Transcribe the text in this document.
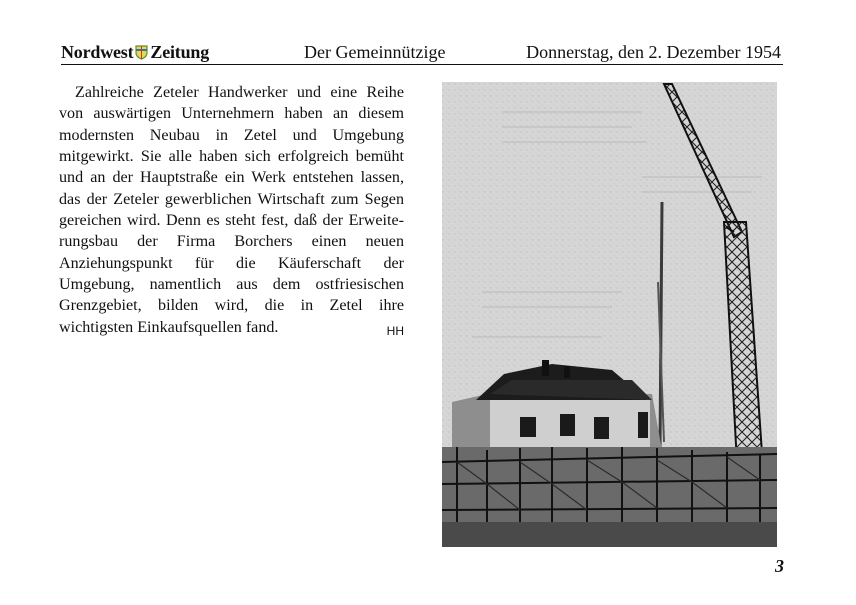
Nordwest Zeitung	Der Gemeinnützige	Donnerstag, den 2. Dezember 1954
Zahlreiche Zeteler Handwerker und eine Reihe von auswärtigen Unternehmern haben an diesem modernsten Neubau in Zetel und Umgebung mitgewirkt. Sie alle haben sich erfolgreich bemüht und an der Hauptstraße ein Werk entstehen lassen, das der Zeteler gewerblichen Wirtschaft zum Segen gereichen wird. Denn es steht fest, daß der Erweite-rungsbau der Firma Borchers einen neuen Anziehungspunkt für die Käuferschaft der Umgebung, namentlich aus dem ostfriesischen Grenzgebiet, bilden wird, die in Zetel ihre wichtigsten Einkaufsquellen fand.	HH
3
